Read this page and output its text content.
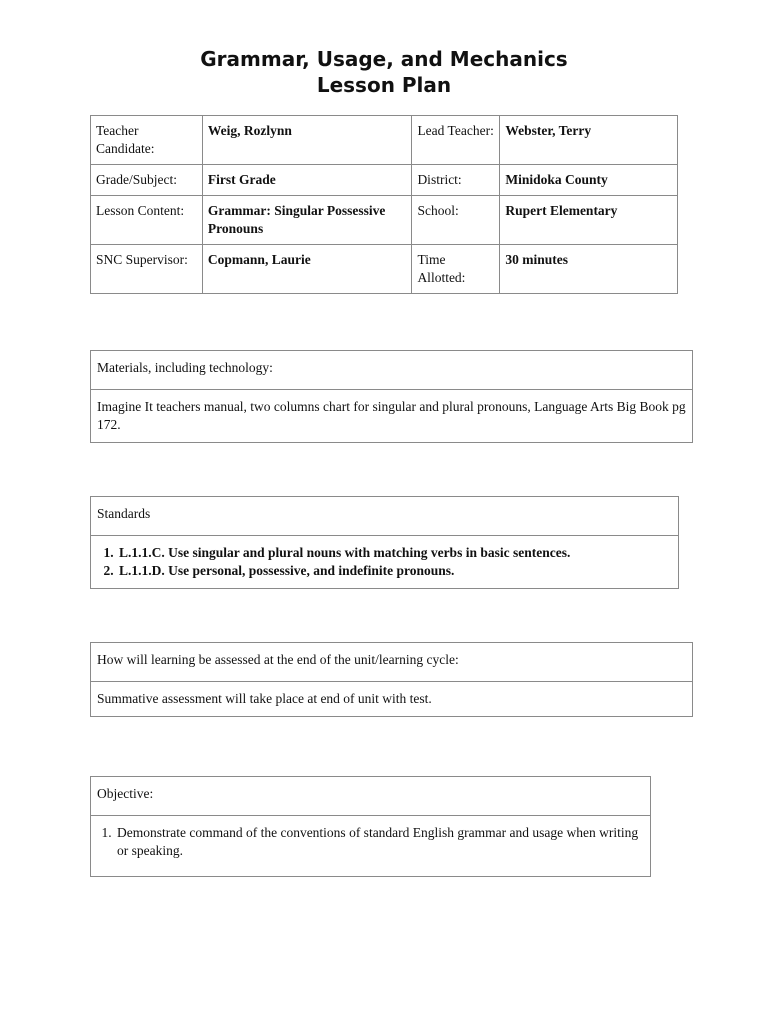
Grammar, Usage, and Mechanics
Lesson Plan
Teacher Candidate:	Weig, Rozlynn	Lead Teacher:	Webster, Terry
Grade/Subject:	First Grade	District:	Minidoka County
Lesson Content:	Grammar: Singular Possessive Pronouns	School:	Rupert Elementary
SNC Supervisor:	Copmann, Laurie	Time Allotted:	30 minutes
Materials, including technology:
Imagine It teachers manual, two columns chart for singular and plural pronouns, Language Arts Big Book pg 172.
Standards

1. L.1.1.C. Use singular and plural nouns with matching verbs in basic sentences.
2. L.1.1.D. Use personal, possessive, and indefinite pronouns.
How will learning be assessed at the end of the unit/learning cycle:
Summative assessment will take place at end of unit with test.
Objective:

1. Demonstrate command of the conventions of standard English grammar and usage when writing or speaking.
